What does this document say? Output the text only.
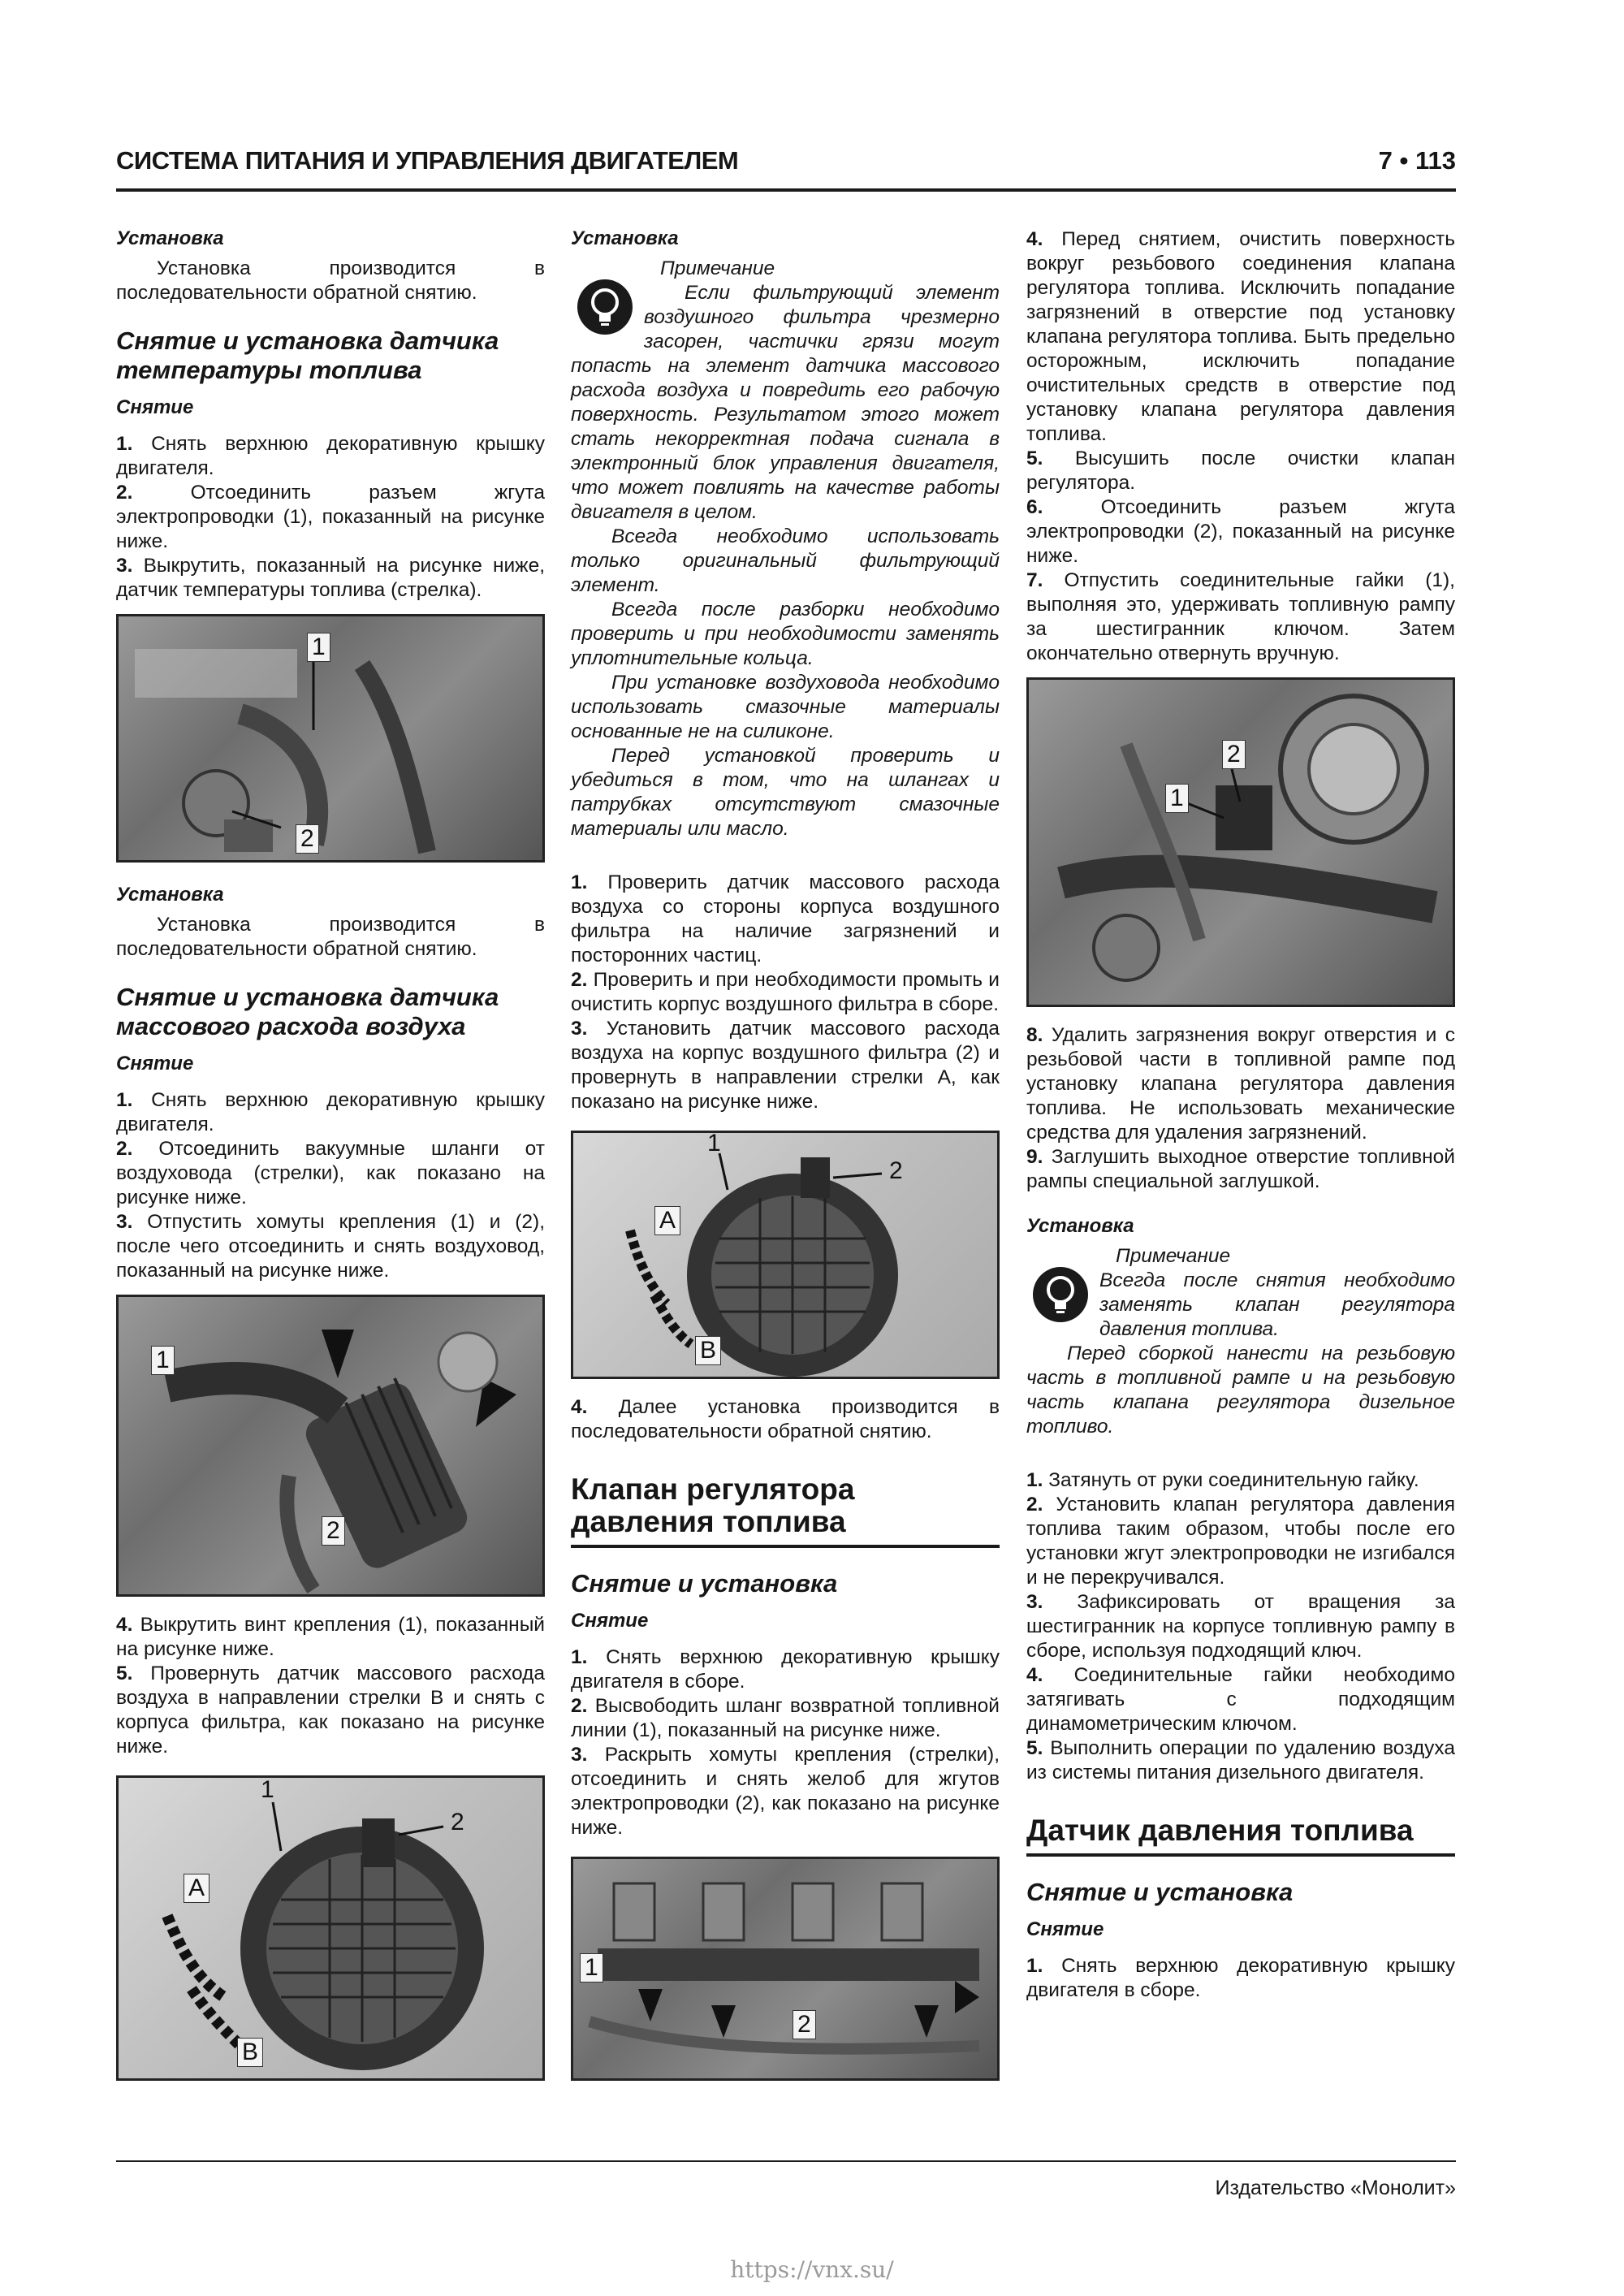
СИСТЕМА ПИТАНИЯ И УПРАВЛЕНИЯ ДВИГАТЕЛЕМ	7 • 113

Установка

Установка производится в последовательности обратной снятию.

Снятие и установка датчика температуры топлива

Снятие

1. Снять верхнюю декоративную крышку двигателя.

2. Отсоединить разъем жгута электропроводки (1), показанный на рисунке ниже.

3. Выкрутить, показанный на рисунке ниже, датчик температуры топлива (стрелка).

1
2

Установка

Установка производится в последовательности обратной снятию.

Снятие и установка датчика массового расхода воздуха

Снятие

1. Снять верхнюю декоративную крышку двигателя.

2. Отсоединить вакуумные шланги от воздуховода (стрелки), как показано на рисунке ниже.

3. Отпустить хомуты крепления (1) и (2), после чего отсоединить и снять воздуховод, показанный на рисунке ниже.

1
2

4. Выкрутить винт крепления (1), показанный на рисунке ниже.

5. Провернуть датчик массового расхода воздуха в направлении стрелки В и снять с корпуса фильтра, как показано на рисунке ниже.

1
2
A
B

Установка

Примечание

Если фильтрующий элемент воздушного фильтра чрезмерно засорен, частички грязи могут попасть на элемент датчика массового расхода воздуха и повредить его рабочую поверхность. Результатом этого может стать некорректная подача сигнала в электронный блок управления двигателя, что может повлиять на качестве работы двигателя в целом.

Всегда необходимо использовать только оригинальный фильтрующий элемент.

Всегда после разборки необходимо проверить и при необходимости заменять уплотнительные кольца.

При установке воздуховода необходимо использовать смазочные материалы основанные не на силиконе.

Перед установкой проверить и убедиться в том, что на шлангах и патрубках отсутствуют смазочные материалы или масло.

1. Проверить датчик массового расхода воздуха со стороны корпуса воздушного фильтра на наличие загрязнений и посторонних частиц.

2. Проверить и при необходимости промыть и очистить корпус воздушного фильтра в сборе.

3. Установить датчик массового расхода воздуха на корпус воздушного фильтра (2) и провернуть в направлении стрелки А, как показано на рисунке ниже.

1
2
A
B

4. Далее установка производится в последовательности обратной снятию.

Клапан регулятора давления топлива
Снятие и установка

Снятие

1. Снять верхнюю декоративную крышку двигателя в сборе.

2. Высвободить шланг возвратной топливной линии (1), показанный на рисунке ниже.

3. Раскрыть хомуты крепления (стрелки), отсоединить и снять желоб для жгутов электропроводки (2), как показано на рисунке ниже.

1
2

4. Перед снятием, очистить поверхность вокруг резьбового соединения клапана регулятора топлива. Исключить попадание загрязнений в отверстие под установку клапана регулятора топлива. Быть предельно осторожным, исключить попадание очистительных средств в отверстие под установку клапана регулятора давления топлива.

5. Высушить после очистки клапан регулятора.

6. Отсоединить разъем жгута электропроводки (2), показанный на рисунке ниже.

7. Отпустить соединительные гайки (1), выполняя это, удерживать топливную рампу за шестигранник ключом. Затем окончательно отвернуть вручную.

1
2

8. Удалить загрязнения вокруг отверстия и с резьбовой части в топливной рампе под установку клапана регулятора давления топлива. Не использовать механические средства для удаления загрязнений.

9. Заглушить выходное отверстие топливной рампы специальной заглушкой.

Установка

Примечание

Всегда после снятия необходимо заменять клапан регулятора давления топлива.

Перед сборкой нанести на резьбовую часть в топливной рампе и на резьбовую часть клапана регулятора дизельное топливо.

1. Затянуть от руки соединительную гайку.

2. Установить клапан регулятора давления топлива таким образом, чтобы после его установки жгут электропроводки не изгибался и не перекручивался.

3. Зафиксировать от вращения за шестигранник на корпусе топливную рампу в сборе, используя подходящий ключ.

4. Соединительные гайки необходимо затягивать с подходящим динамометрическим ключом.

5. Выполнить операции по удалению воздуха из системы питания дизельного двигателя.

Датчик давления топлива
Снятие и установка

Снятие

1. Снять верхнюю декоративную крышку двигателя в сборе.

Издательство «Монолит»
https://vnx.su/
